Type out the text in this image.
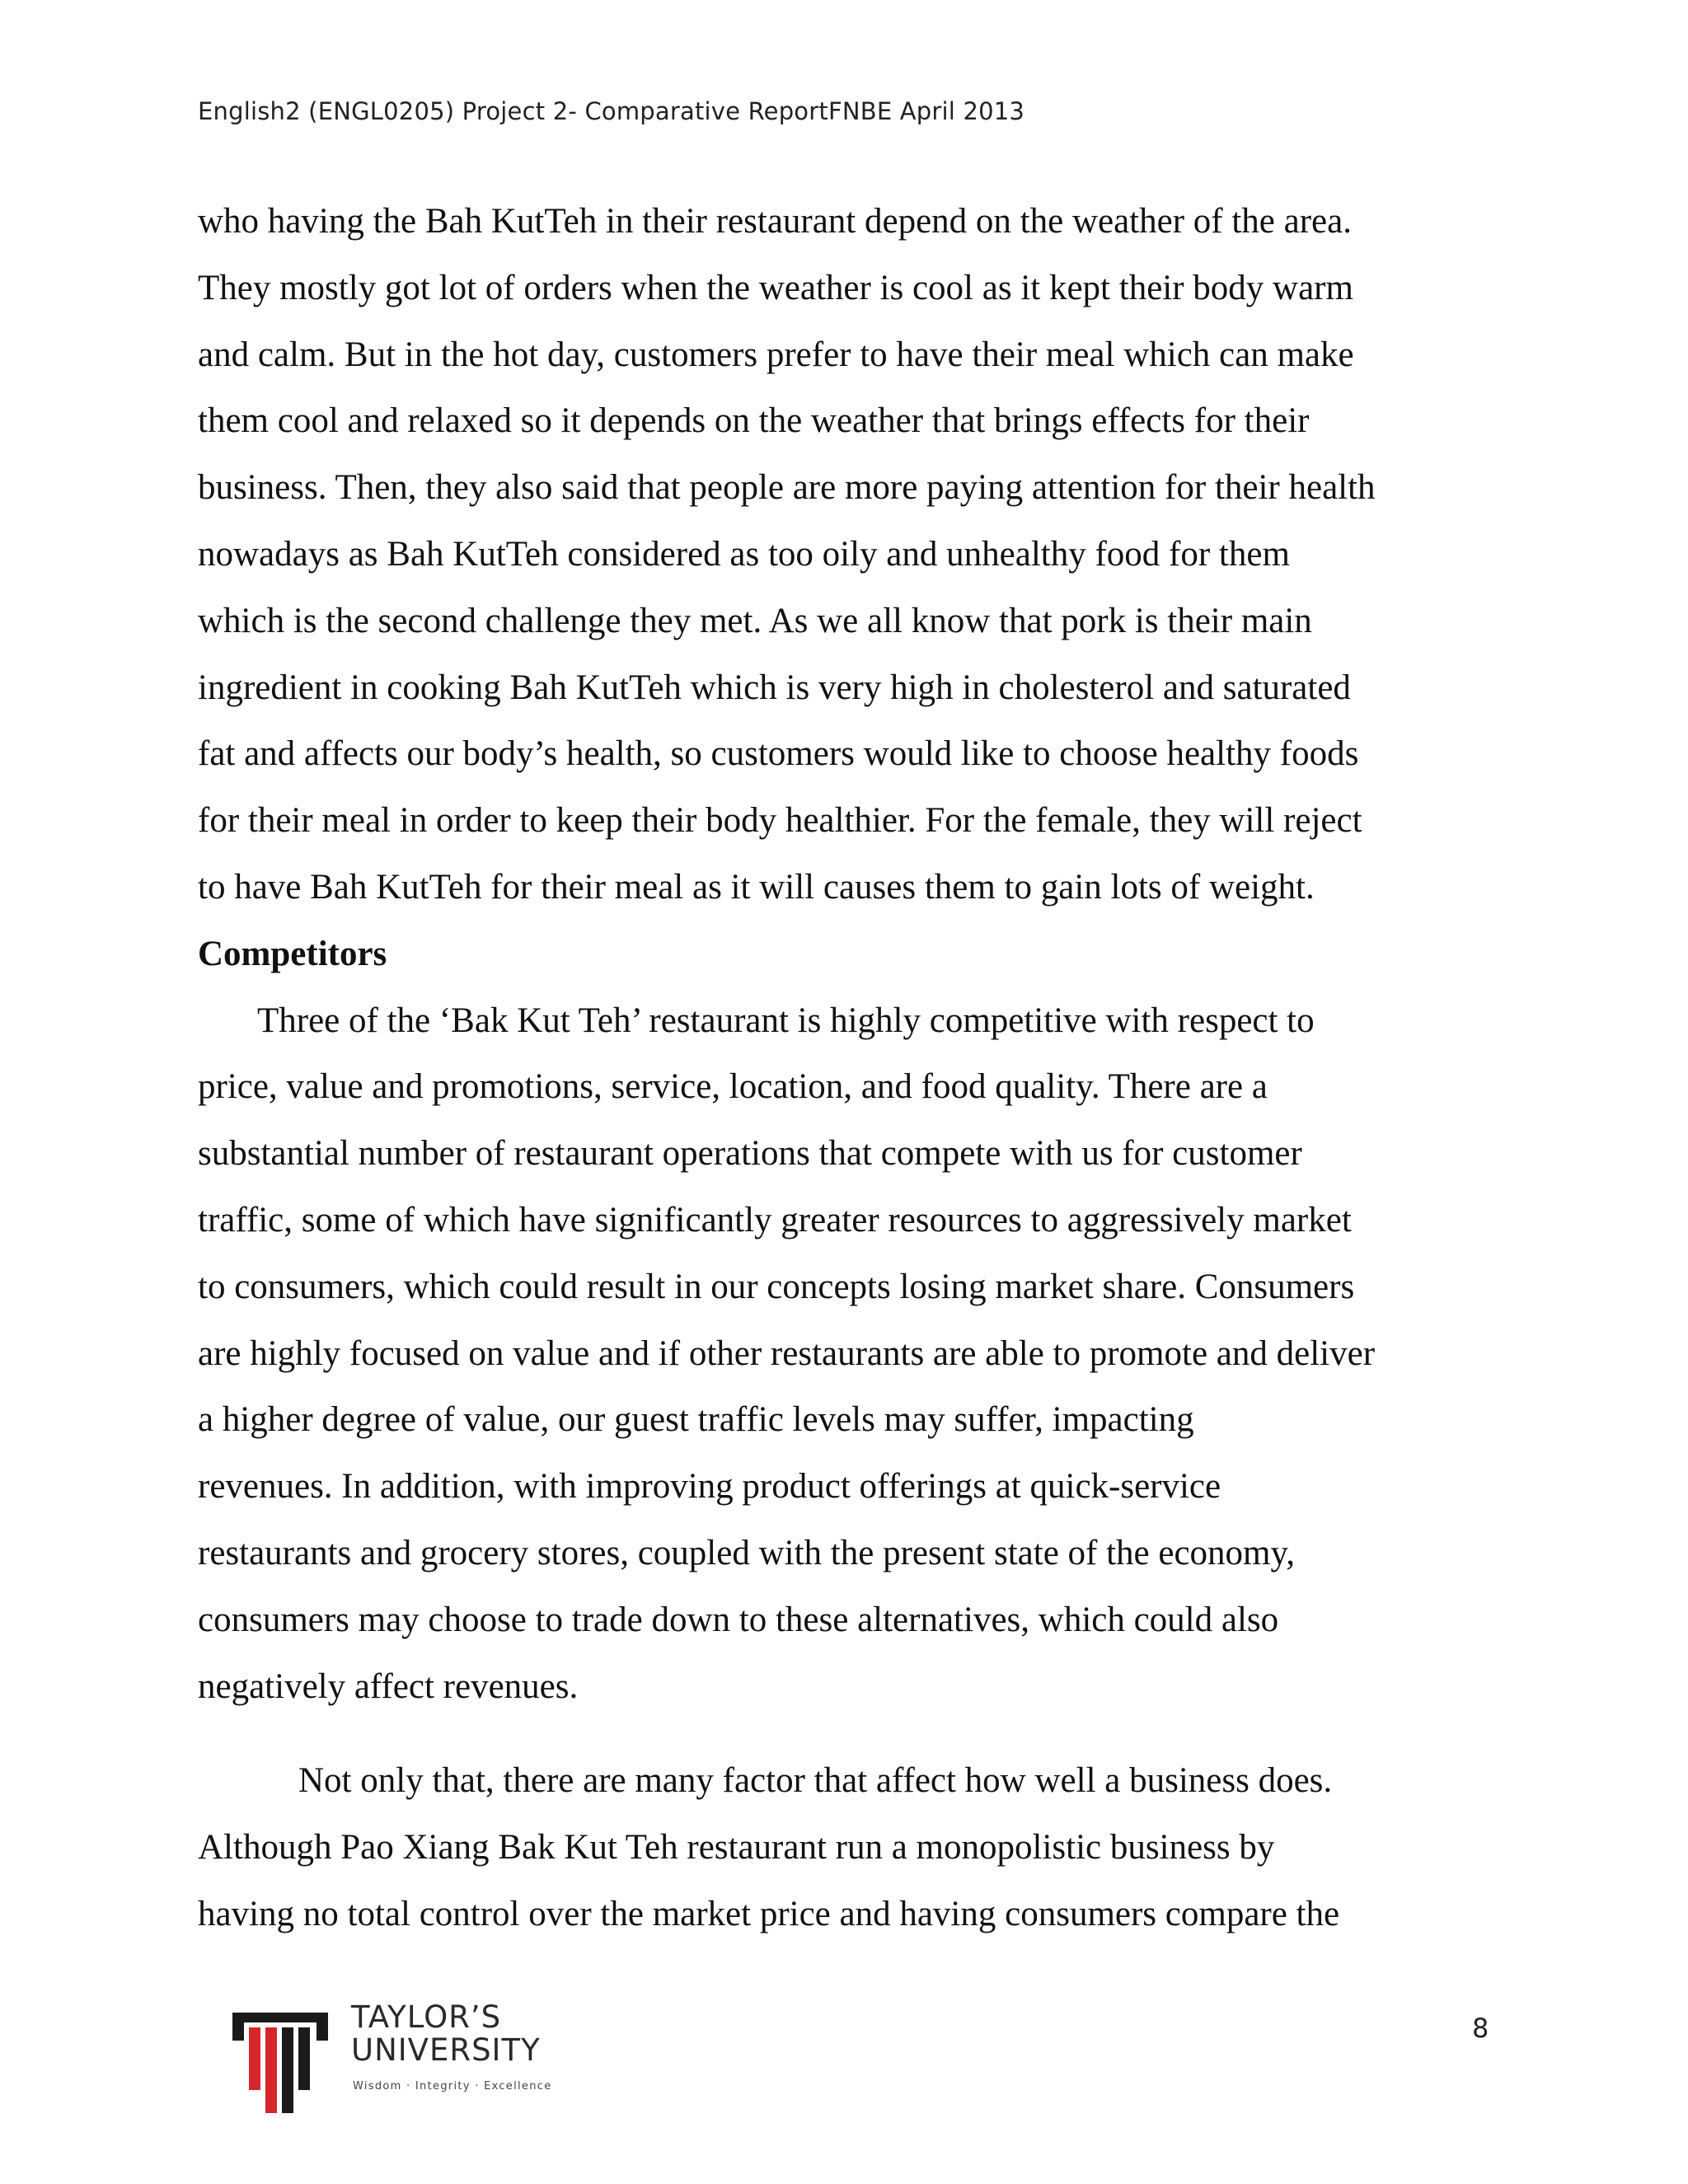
English2 (ENGL0205) Project 2- Comparative ReportFNBE April 2013
who having the Bah KutTeh in their restaurant depend on the weather of the area.
They mostly got lot of orders when the weather is cool as it kept their body warm
and calm. But in the hot day, customers prefer to have their meal which can make
them cool and relaxed so it depends on the weather that brings effects for their
business. Then, they also said that people are more paying attention for their health
nowadays as Bah KutTeh considered as too oily and unhealthy food for them
which is the second challenge they met. As we all know that pork is their main
ingredient in cooking Bah KutTeh which is very high in cholesterol and saturated
fat and affects our body’s health, so customers would like to choose healthy foods
for their meal in order to keep their body healthier. For the female, they will reject
to have Bah KutTeh for their meal as it will causes them to gain lots of weight.
Competitors
Three of the ‘Bak Kut Teh’ restaurant is highly competitive with respect to
price, value and promotions, service, location, and food quality. There are a
substantial number of restaurant operations that compete with us for customer
traffic, some of which have significantly greater resources to aggressively market
to consumers, which could result in our concepts losing market share. Consumers
are highly focused on value and if other restaurants are able to promote and deliver
a higher degree of value, our guest traffic levels may suffer, impacting
revenues. In addition, with improving product offerings at quick-service
restaurants and grocery stores, coupled with the present state of the economy,
consumers may choose to trade down to these alternatives, which could also
negatively affect revenues.
Not only that, there are many factor that affect how well a business does.
Although Pao Xiang Bak Kut Teh restaurant run a monopolistic business by
having no total control over the market price and having consumers compare the
TAYLOR’S
UNIVERSITY
Wisdom · Integrity · Excellence
8
